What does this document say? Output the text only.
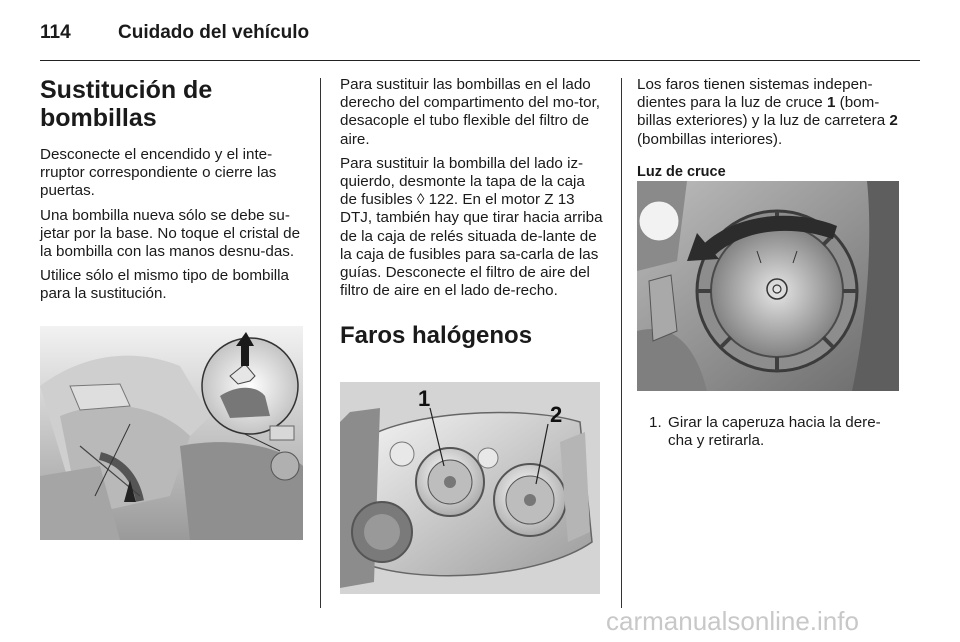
114 Cuidado del vehículo
Sustitución de
bombillas

Desconecte el encendido y el inte-rruptor correspondiente o cierre las puertas.

Una bombilla nueva sólo se debe su-jetar por la base. No toque el cristal de la bombilla con las manos desnu-das.

Utilice sólo el mismo tipo de bombilla para la sustitución.

Para sustituir las bombillas en el lado derecho del compartimento del mo-tor, desacople el tubo flexible del filtro de aire.

Para sustituir la bombilla del lado iz-quierdo, desmonte la tapa de la caja de fusibles ◊ 122. En el motor Z 13 DTJ, también hay que tirar hacia arriba de la caja de relés situada de-lante de la caja de fusibles para sa-carla de las guías. Desconecte el filtro de aire del filtro de aire en el lado de-recho.

Faros halógenos
1
2

Los faros tienen sistemas indepen-dientes para la luz de cruce 1 (bom-billas exteriores) y la luz de carretera 2 (bombillas interiores).

Luz de cruce
1. Girar la caperuza hacia la dere-cha y retirarla.
carmanualsonline.info
